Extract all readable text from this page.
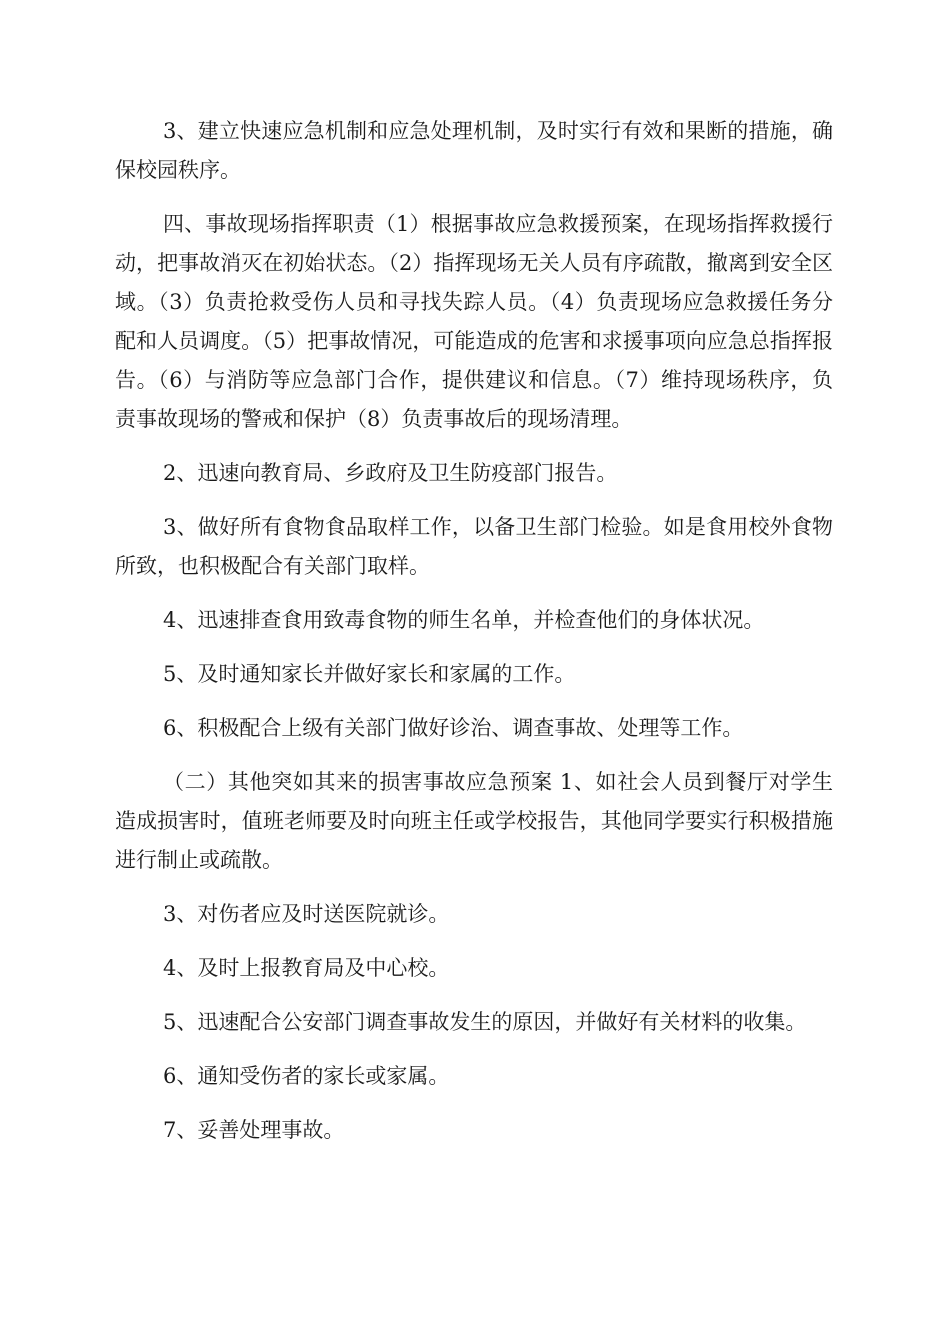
3、建立快速应急机制和应急处理机制，及时实行有效和果断的措施，确保校园秩序。

四、事故现场指挥职责（1）根据事故应急救援预案，在现场指挥救援行动，把事故消灭在初始状态。（2）指挥现场无关人员有序疏散，撤离到安全区域。（3）负责抢救受伤人员和寻找失踪人员。（4）负责现场应急救援任务分配和人员调度。（5）把事故情况，可能造成的危害和求援事项向应急总指挥报告。（6）与消防等应急部门合作，提供建议和信息。（7）维持现场秩序，负责事故现场的警戒和保护（8）负责事故后的现场清理。

2、迅速向教育局、乡政府及卫生防疫部门报告。

3、做好所有食物食品取样工作，以备卫生部门检验。如是食用校外食物所致，也积极配合有关部门取样。

4、迅速排查食用致毒食物的师生名单，并检查他们的身体状况。

5、及时通知家长并做好家长和家属的工作。

6、积极配合上级有关部门做好诊治、调查事故、处理等工作。

（二）其他突如其来的损害事故应急预案 1、如社会人员到餐厅对学生造成损害时，值班老师要及时向班主任或学校报告，其他同学要实行积极措施进行制止或疏散。

3、对伤者应及时送医院就诊。

4、及时上报教育局及中心校。

5、迅速配合公安部门调查事故发生的原因，并做好有关材料的收集。

6、通知受伤者的家长或家属。

7、妥善处理事故。
